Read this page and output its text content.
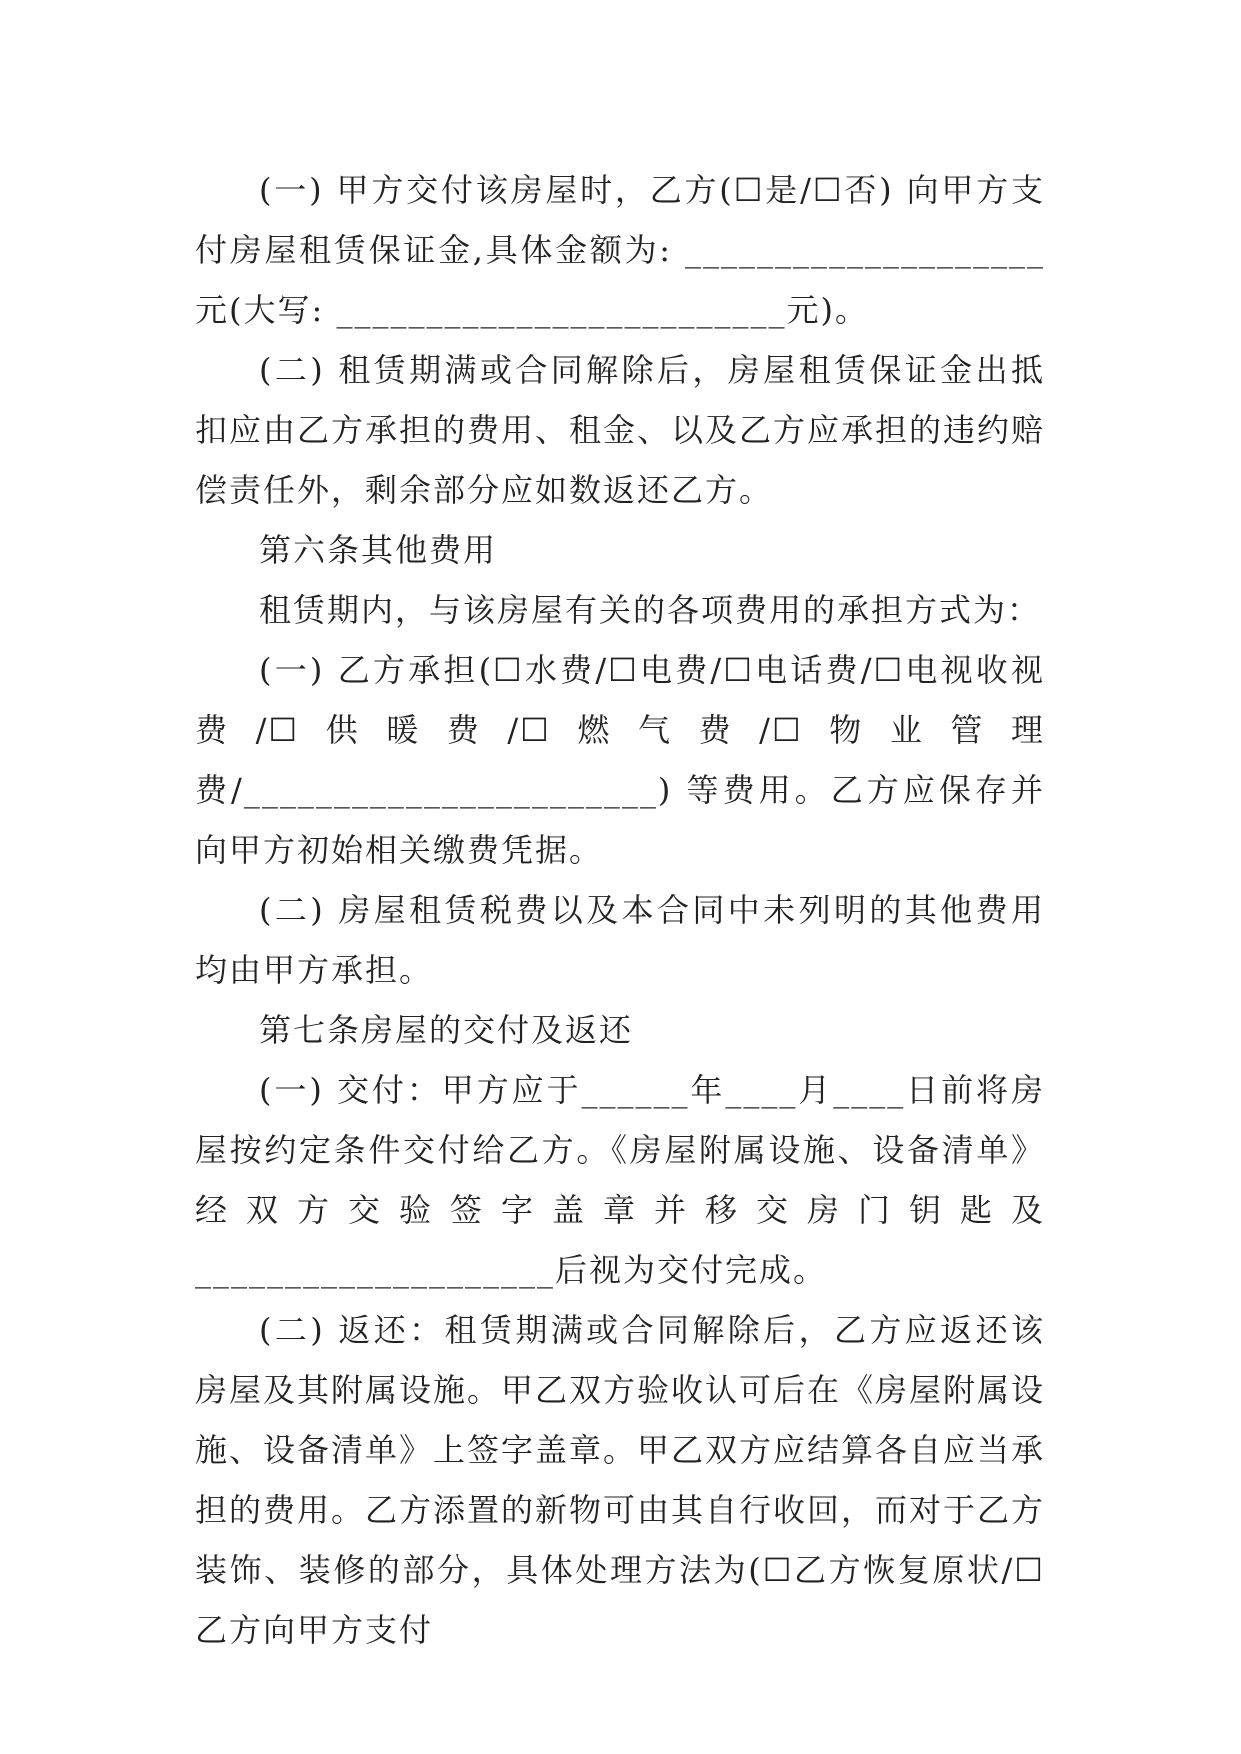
(一) 甲方交付该房屋时，乙方(☐是/☐否) 向甲方支付房屋租赁保证金,具体金额为: ____________________元(大写: _________________________元)。

(二) 租赁期满或合同解除后，房屋租赁保证金出抵扣应由乙方承担的费用、租金、以及乙方应承担的违约赔偿责任外，剩余部分应如数返还乙方。

第六条其他费用

租赁期内，与该房屋有关的各项费用的承担方式为：

(一) 乙方承担(☐水费/☐电费/☐电话费/☐电视收视费/☐供暖费/☐燃气费/☐物业管理费/_______________________) 等费用。乙方应保存并向甲方初始相关缴费凭据。

(二) 房屋租赁税费以及本合同中未列明的其他费用均由甲方承担。

第七条房屋的交付及返还

(一) 交付：甲方应于______年____月____日前将房屋按约定条件交付给乙方。《房屋附属设施、设备清单》经双方交验签字盖章并移交房门钥匙及____________________后视为交付完成。

(二) 返还：租赁期满或合同解除后，乙方应返还该房屋及其附属设施。甲乙双方验收认可后在《房屋附属设施、设备清单》上签字盖章。甲乙双方应结算各自应当承担的费用。乙方添置的新物可由其自行收回，而对于乙方装饰、装修的部分，具体处理方法为(☐乙方恢复原状/☐乙方向甲方支付
